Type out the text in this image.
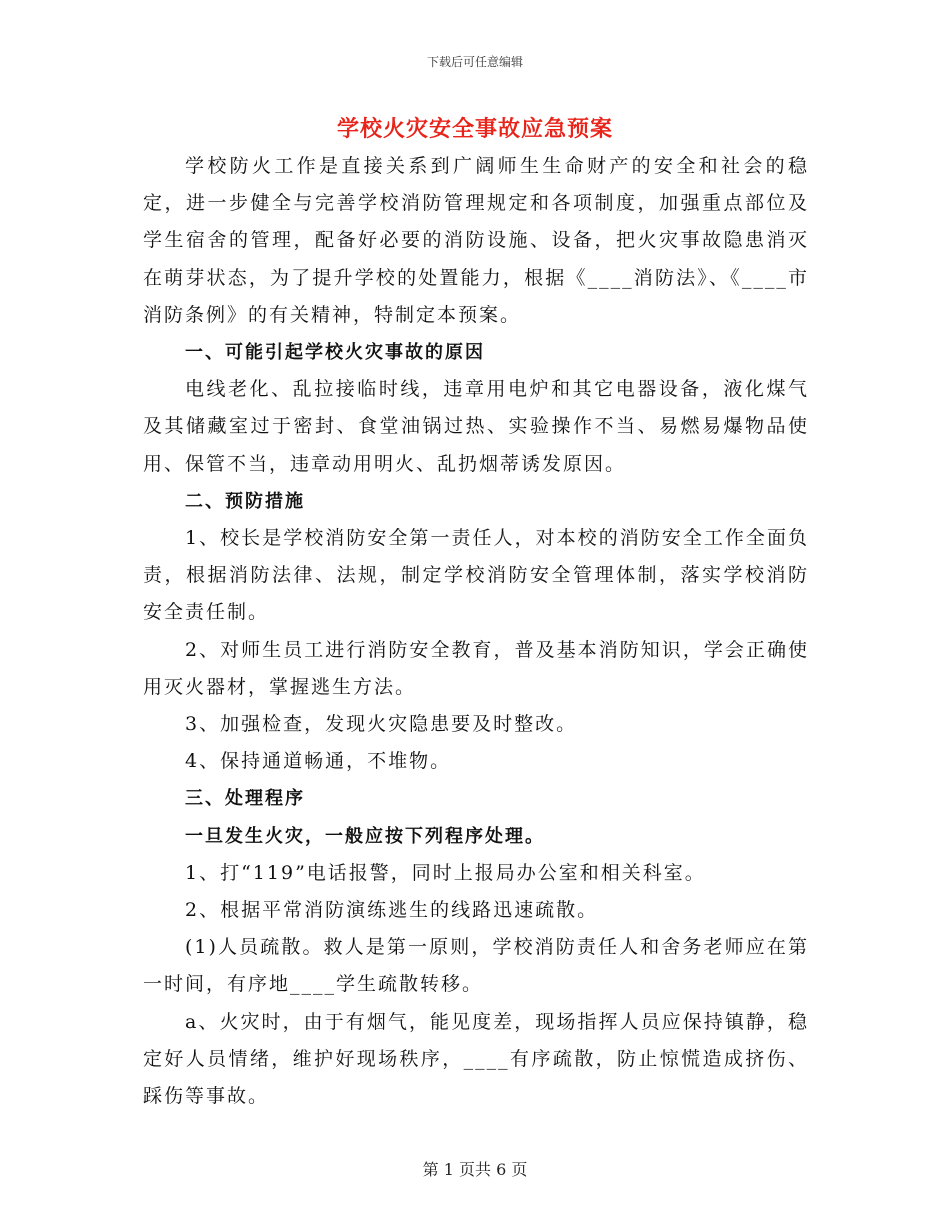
下载后可任意编辑
学校火灾安全事故应急预案

学校防火工作是直接关系到广阔师生生命财产的安全和社会的稳定，进一步健全与完善学校消防管理规定和各项制度，加强重点部位及学生宿舍的管理，配备好必要的消防设施、设备，把火灾事故隐患消灭在萌芽状态，为了提升学校的处置能力，根据《____消防法》、《____市消防条例》的有关精神，特制定本预案。

一、可能引起学校火灾事故的原因

电线老化、乱拉接临时线，违章用电炉和其它电器设备，液化煤气及其储藏室过于密封、食堂油锅过热、实验操作不当、易燃易爆物品使用、保管不当，违章动用明火、乱扔烟蒂诱发原因。

二、预防措施

1、校长是学校消防安全第一责任人，对本校的消防安全工作全面负责，根据消防法律、法规，制定学校消防安全管理体制，落实学校消防安全责任制。

2、对师生员工进行消防安全教育，普及基本消防知识，学会正确使用灭火器材，掌握逃生方法。

3、加强检查，发现火灾隐患要及时整改。

4、保持通道畅通，不堆物。

三、处理程序

一旦发生火灾，一般应按下列程序处理。

1、打“119”电话报警，同时上报局办公室和相关科室。

2、根据平常消防演练逃生的线路迅速疏散。

(1)人员疏散。救人是第一原则，学校消防责任人和舍务老师应在第一时间，有序地____学生疏散转移。

a、火灾时，由于有烟气，能见度差，现场指挥人员应保持镇静，稳定好人员情绪，维护好现场秩序，____有序疏散，防止惊慌造成挤伤、踩伤等事故。

第 1 页共 6 页
